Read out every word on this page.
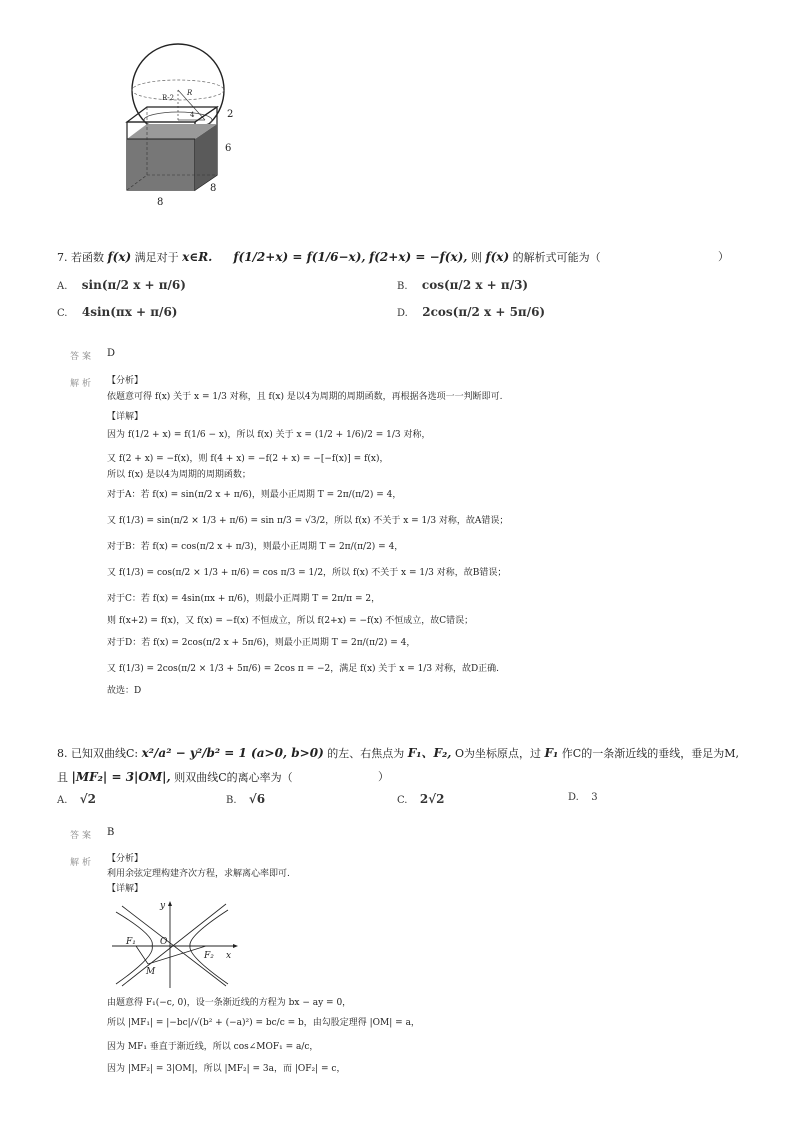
R-2
R
4	2
6
8
8
7. 若函数 f(x) 满足对于 x∈R. f(1/2+x) = f(1/6−x), f(2+x) = −f(x), 则 f(x) 的解析式可能为（	）
A. sin(π/2 x + π/6)	B. cos(π/2 x + π/3)
C. 4sin(πx + π/6)	D. 2cos(π/2 x + 5π/6)
答案 D
解析 【分析】
依题意可得 f(x) 关于 x = 1/3 对称，且 f(x) 是以4为周期的周期函数，再根据各选项一一判断即可.
【详解】
因为 f(1/2 + x) = f(1/6 − x)，所以 f(x) 关于 x = (1/2 + 1/6)/2 = 1/3 对称，
又 f(2 + x) = −f(x)，则 f(4 + x) = −f(2 + x) = −[−f(x)] = f(x)，
所以 f(x) 是以4为周期的周期函数；
对于A：若 f(x) = sin(π/2 x + π/6)，则最小正周期 T = 2π/(π/2) = 4，
又 f(1/3) = sin(π/2 × 1/3 + π/6) = sin π/3 = √3/2，所以 f(x) 不关于 x = 1/3 对称，故A错误；
对于B：若 f(x) = cos(π/2 x + π/3)，则最小正周期 T = 2π/(π/2) = 4，
又 f(1/3) = cos(π/2 × 1/3 + π/6) = cos π/3 = 1/2，所以 f(x) 不关于 x = 1/3 对称，故B错误；
对于C：若 f(x) = 4sin(πx + π/6)，则最小正周期 T = 2π/π = 2，
则 f(x+2) = f(x)，又 f(x) = −f(x) 不恒成立，所以 f(2+x) = −f(x) 不恒成立，故C错误；
对于D：若 f(x) = 2cos(π/2 x + 5π/6)，则最小正周期 T = 2π/(π/2) = 4，
又 f(1/3) = 2cos(π/2 × 1/3 + 5π/6) = 2cos π = −2，满足 f(x) 关于 x = 1/3 对称，故D正确.
故选：D
8. 已知双曲线C: x²/a² − y²/b² = 1 (a>0, b>0) 的左、右焦点为 F₁、F₂, O为坐标原点，过 F₁ 作C的一条渐近线的垂线，垂足为M,
且 |MF₂| = 3|OM|, 则双曲线C的离心率为（	）
A. √2	B. √6	C. 2√2	D. 3
答案 B
解析 【分析】
利用余弦定理构建齐次方程，求解离心率即可.
【详解】
y
x
O
F₁
F₂
M
由题意得 F₁(−c, 0)，设一条渐近线的方程为 bx − ay = 0，
所以 |MF₁| = |−bc|/√(b² + (−a)²) = bc/c = b，由勾股定理得 |OM| = a，
因为 MF₁ 垂直于渐近线，所以 cos∠MOF₁ = a/c，
因为 |MF₂| = 3|OM|，所以 |MF₂| = 3a，而 |OF₂| = c，
